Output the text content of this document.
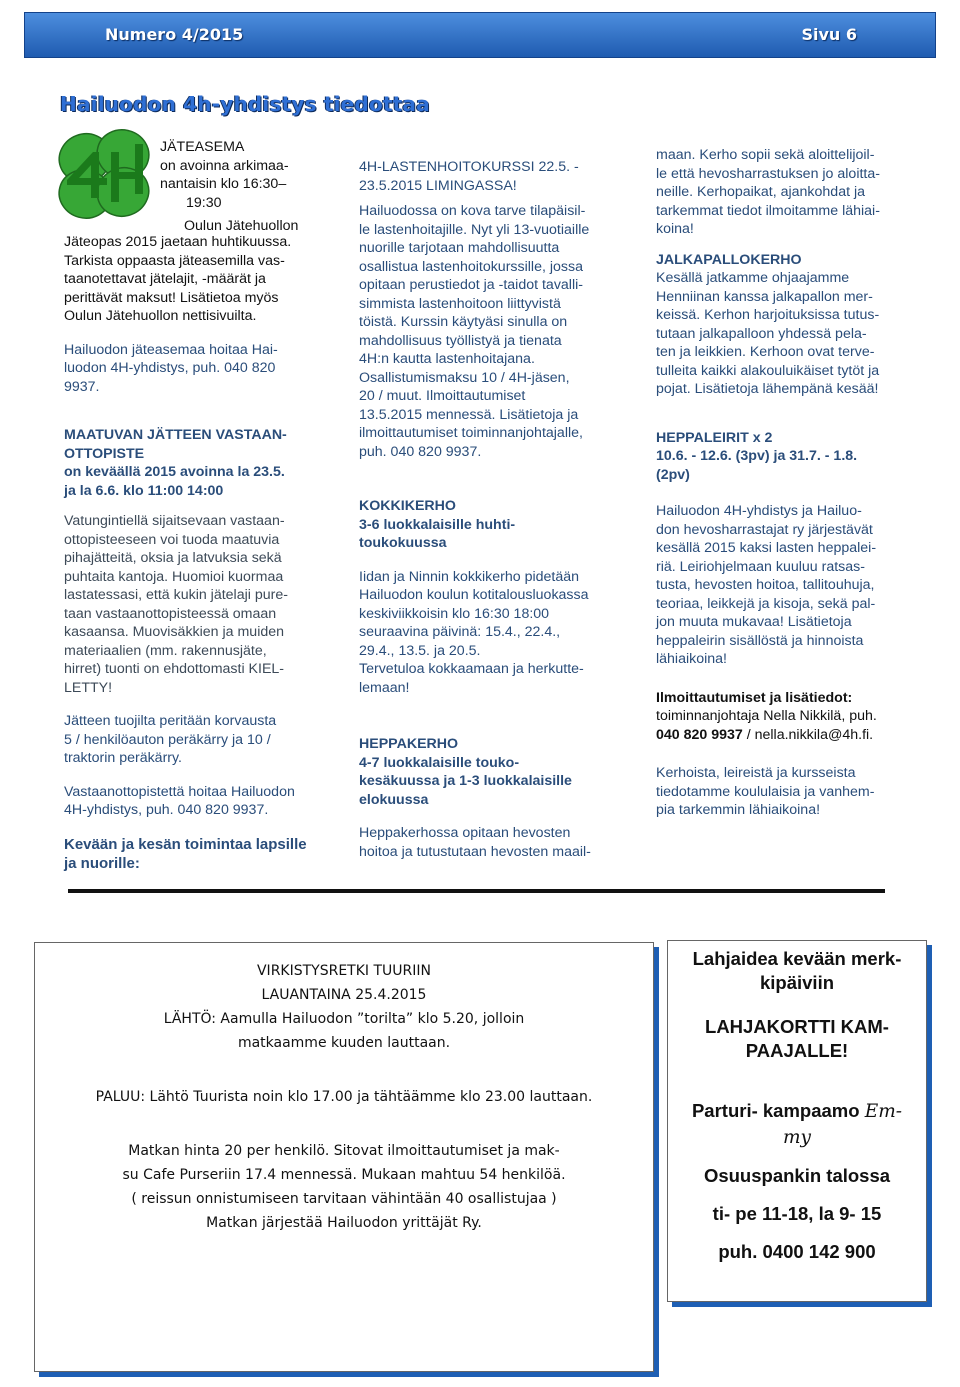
Numero 4/2015	Sivu 6
Hailuodon 4h-yhdistys tiedottaa
JÄTEASEMA
on avoinna arkimaa-
nantaisin klo 16:30–
19:30
Oulun Jätehuollon

Jäteopas 2015 jaetaan huhtikuussa.
Tarkista oppaasta jäteasemilla vas-
taanotettavat jätelajit, -määrät ja
perittävät maksut! Lisätietoa myös
Oulun Jätehuollon nettisivuilta.

Hailuodon jäteasemaa hoitaa Hai-
luodon 4H-yhdistys, puh. 040 820
9937.

MAATUVAN JÄTTEEN VASTAAN-
OTTOPISTE

on keväällä 2015 avoinna la 23.5.
ja la 6.6. klo 11:00 14:00

Vatungintiellä sijaitsevaan vastaan-
ottopisteeseen voi tuoda maatuvia
pihajätteitä, oksia ja latvuksia sekä
puhtaita kantoja. Huomioi kuormaa
lastatessasi, että kukin jätelaji pure-
taan vastaanottopisteessä omaan
kasaansa. Muovisäkkien ja muiden
materiaalien (mm. rakennusjäte,
hirret) tuonti on ehdottomasti KIEL-
LETTY!

Jätteen tuojilta peritään korvausta
5 / henkilöauton peräkärry ja 10 /
traktorin peräkärry.

Vastaanottopistettä hoitaa Hailuodon
4H-yhdistys, puh. 040 820 9937.

Kevään ja kesän toimintaa lapsille
ja nuorille:

4H-LASTENHOITOKURSSI 22.5. -
23.5.2015 LIMINGASSA!

Hailuodossa on kova tarve tilapäisil-
le lastenhoitajille. Nyt yli 13-vuotiaille
nuorille tarjotaan mahdollisuutta
osallistua lastenhoitokurssille, jossa
opitaan perustiedot ja -taidot tavalli-
simmista lastenhoitoon liittyvistä
töistä. Kurssin käytyäsi sinulla on
mahdollisuus työllistyä ja tienata
4H:n kautta lastenhoitajana.
Osallistumismaksu 10 / 4H-jäsen,
20 / muut. Ilmoittautumiset
13.5.2015 mennessä. Lisätietoja ja
ilmoittautumiset toiminnanjohtajalle,
puh. 040 820 9937.

KOKKIKERHO
3-6 luokkalaisille huhti-
toukokuussa

Iidan ja Ninnin kokkikerho pidetään
Hailuodon koulun kotitalousluokassa
keskiviikkoisin klo 16:30 18:00
seuraavina päivinä: 15.4., 22.4.,
29.4., 13.5. ja 20.5.
Tervetuloa kokkaamaan ja herkutte-
lemaan!

HEPPAKERHO
4-7 luokkalaisille touko-
kesäkuussa ja 1-3 luokkalaisille
elokuussa

Heppakerhossa opitaan hevosten
hoitoa ja tutustutaan hevosten maail-

maan. Kerho sopii sekä aloittelijoil-
le että hevosharrastuksen jo aloitta-
neille. Kerhopaikat, ajankohdat ja
tarkemmat tiedot ilmoitamme lähiai-
koina!

JALKAPALLOKERHO

Kesällä jatkamme ohjaajamme
Henniinan kanssa jalkapallon mer-
keissä. Kerhon harjoituksissa tutus-
tutaan jalkapalloon yhdessä pela-
ten ja leikkien. Kerhoon ovat terve-
tulleita kaikki alakouluikäiset tytöt ja
pojat. Lisätietoja lähempänä kesää!

HEPPALEIRIT x 2
10.6. - 12.6. (3pv) ja 31.7. - 1.8.
(2pv)

Hailuodon 4H-yhdistys ja Hailuo-
don hevosharrastajat ry järjestävät
kesällä 2015 kaksi lasten heppalei-
riä. Leiriohjelmaan kuuluu ratsas-
tusta, hevosten hoitoa, tallitouhuja,
teoriaa, leikkejä ja kisoja, sekä pal-
jon muuta mukavaa! Lisätietoja
heppaleirin sisällöstä ja hinnoista
lähiaikoina!

Ilmoittautumiset ja lisätiedot:
toiminnanjohtaja Nella Nikkilä, puh.
040 820 9937 / nella.nikkila@4h.fi.

Kerhoista, leireistä ja kursseista
tiedotamme koululaisia ja vanhem-
pia tarkemmin lähiaikoina!

VIRKISTYSRETKI TUURIIN
LAUANTAINA 25.4.2015
LÄHTÖ: Aamulla Hailuodon ”torilta” klo 5.20, jolloin
matkaamme kuuden lauttaan.
PALUU: Lähtö Tuurista noin klo 17.00 ja tähtäämme klo 23.00 lauttaan.
Matkan hinta 20 per henkilö. Sitovat ilmoittautumiset ja mak-
su Cafe Purseriin 17.4 mennessä. Mukaan mahtuu 54 henkilöä.
( reissun onnistumiseen tarvitaan vähintään 40 osallistujaa )
Matkan järjestää Hailuodon yrittäjät Ry.
Lahjaidea kevään merk-
kipäiviin
LAHJAKORTTI KAM-
PAAJALLE!
Parturi- kampaamo Em-
my
Osuuspankin talossa
ti- pe 11-18, la 9- 15
puh. 0400 142 900
